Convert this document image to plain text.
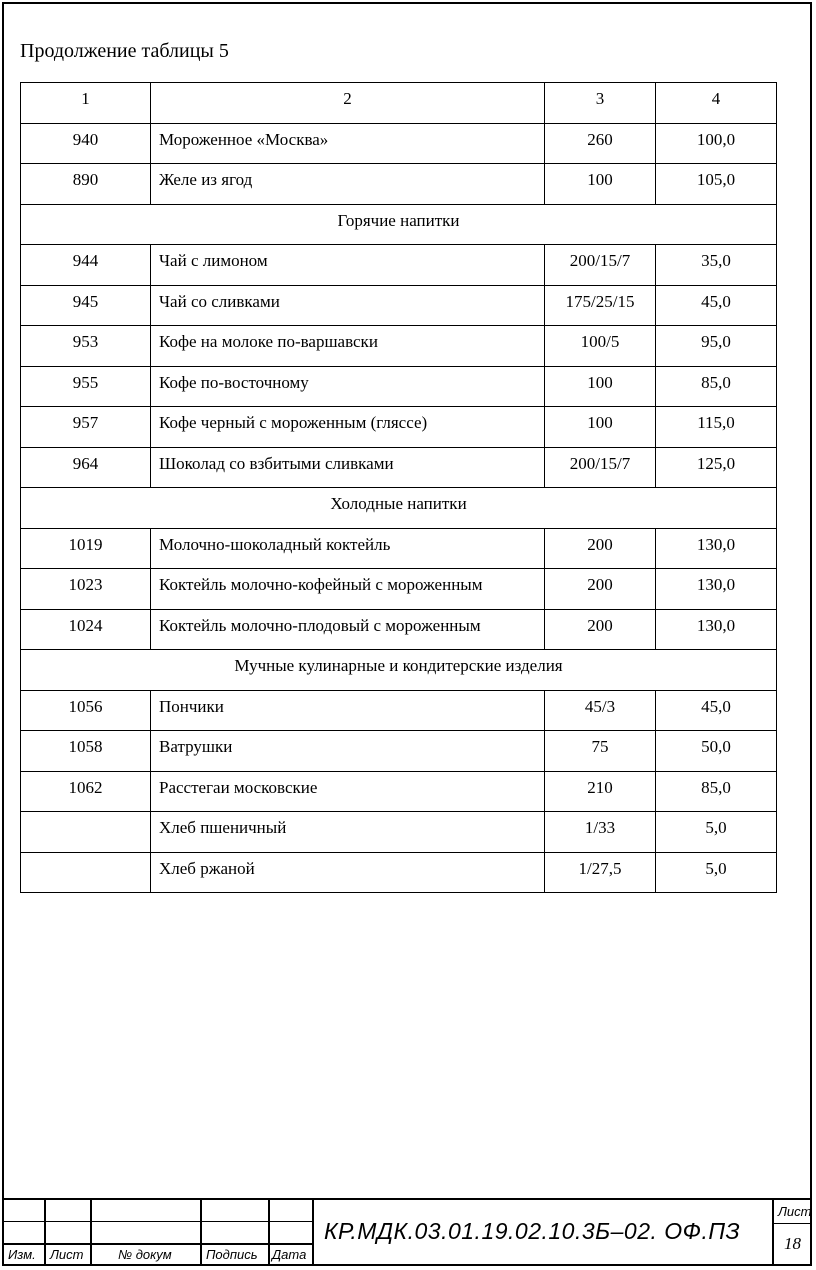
Продолжение таблицы 5
1	2	3	4
940	Мороженное «Москва»	260	100,0
890	Желе из ягод	100	105,0
Горячие напитки			
944	Чай с лимоном	200/15/7	35,0
945	Чай со сливками	175/25/15	45,0
953	Кофе на молоке по-варшавски	100/5	95,0
955	Кофе по-восточному	100	85,0
957	Кофе черный с мороженным (гляссе)	100	115,0
964	Шоколад со взбитыми сливками	200/15/7	125,0
Холодные напитки			
1019	Молочно-шоколадный коктейль	200	130,0
1023	Коктейль молочно-кофейный с мороженным	200	130,0
1024	Коктейль молочно-плодовый с мороженным	200	130,0
Мучные кулинарные и кондитерские изделия			
1056	Пончики	45/3	45,0
1058	Ватрушки	75	50,0
1062	Расстегаи московские	210	85,0
	Хлеб пшеничный	1/33	5,0
	Хлеб ржаной	1/27,5	5,0
Изм. Лист	№ докум	Подпись Дата
КР.МДК.03.01.19.02.10.3Б–02. ОФ.ПЗ
Лист
18
